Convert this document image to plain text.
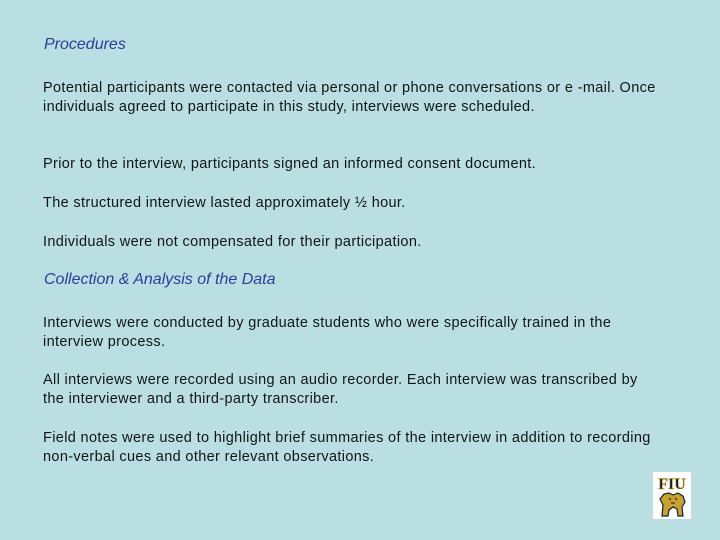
Procedures

Potential participants were contacted via personal or phone conversations or e -mail. Once individuals agreed to participate in this study, interviews were scheduled.

Prior to the interview, participants signed an informed consent document.

The structured interview lasted approximately ½ hour.

Individuals were not compensated for their participation.

Collection & Analysis of the Data

Interviews were conducted by graduate students who were specifically trained in the interview process.

All interviews were recorded using an audio recorder. Each interview was transcribed by the interviewer and a third-party transcriber.

Field notes were used to highlight brief summaries of the interview in addition to recording non-verbal cues and other relevant observations.

FIU
